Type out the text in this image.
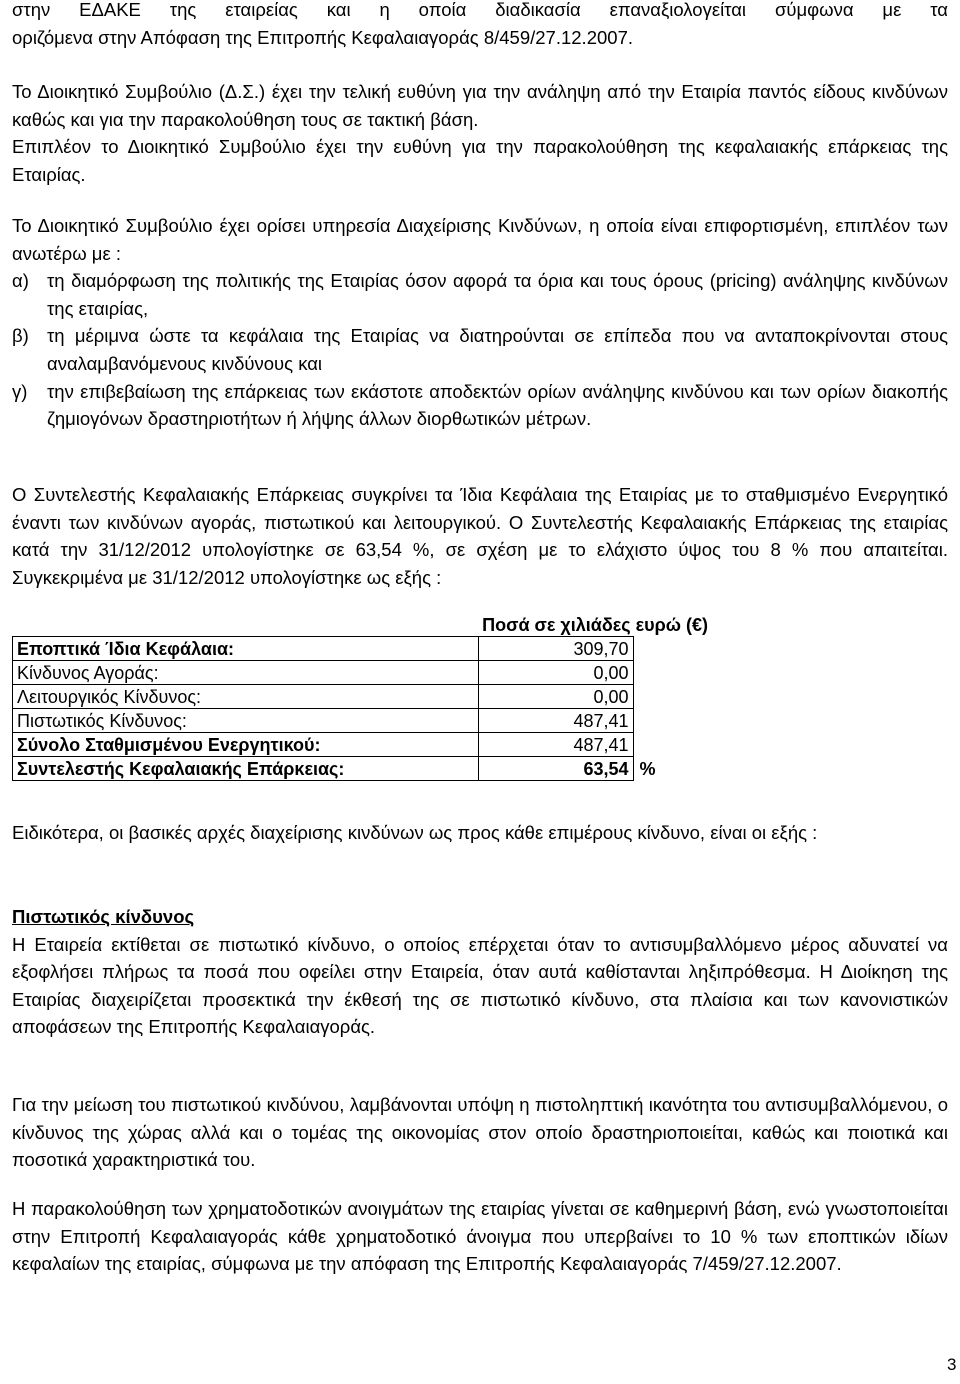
στην ΕΔΑΚΕ της εταιρείας και η οποία διαδικασία επαναξιολογείται σύμφωνα με τα

οριζόμενα στην Απόφαση της Επιτροπής Κεφαλαιαγοράς 8/459/27.12.2007.

Το Διοικητικό Συμβούλιο (Δ.Σ.) έχει την τελική ευθύνη για την ανάληψη από την Εταιρία παντός είδους κινδύνων καθώς και για την παρακολούθηση τους σε τακτική βάση.

Επιπλέον το Διοικητικό Συμβούλιο έχει την ευθύνη για την παρακολούθηση της κεφαλαιακής επάρκειας της Εταιρίας.

Το Διοικητικό Συμβούλιο έχει ορίσει υπηρεσία Διαχείρισης Κινδύνων, η οποία είναι επιφορτισμένη, επιπλέον των ανωτέρω με :

α) τη διαμόρφωση της πολιτικής της Εταιρίας όσον αφορά τα όρια και τους όρους (pricing) ανάληψης κινδύνων της εταιρίας,

β) τη μέριμνα ώστε τα κεφάλαια της Εταιρίας να διατηρούνται σε επίπεδα που να ανταποκρίνονται στους αναλαμβανόμενους κινδύνους και

γ)	την επιβεβαίωση της επάρκειας των εκάστοτε αποδεκτών ορίων ανάληψης κινδύνου και των ορίων διακοπής ζημιογόνων δραστηριοτήτων ή λήψης άλλων διορθωτικών μέτρων.

Ο Συντελεστής Κεφαλαιακής Επάρκειας συγκρίνει τα Ίδια Κεφάλαια της Εταιρίας με το σταθμισμένο Ενεργητικό έναντι των κινδύνων αγοράς, πιστωτικού και λειτουργικού. Ο Συντελεστής Κεφαλαιακής Επάρκειας της εταιρίας κατά την 31/12/2012 υπολογίστηκε σε 63,54 %, σε σχέση με το ελάχιστο ύψος του 8 % που απαιτείται. Συγκεκριμένα με 31/12/2012 υπολογίστηκε ως εξής :

	Ποσά σε χιλιάδες ευρώ (€)	
Εποπτικά Ίδια Κεφάλαια:	309,70	
Κίνδυνος Αγοράς:	0,00	
Λειτουργικός Κίνδυνος:	0,00	
Πιστωτικός Κίνδυνος:	487,41	
Σύνολο Σταθμισμένου Ενεργητικού:	487,41	
Συντελεστής Κεφαλαιακής Επάρκειας:	63,54	%

Ειδικότερα, οι βασικές αρχές διαχείρισης κινδύνων ως προς κάθε επιμέρους κίνδυνο, είναι οι εξής :

Πιστωτικός κίνδυνος

Η Εταιρεία εκτίθεται σε πιστωτικό κίνδυνο, ο οποίος επέρχεται όταν το αντισυμβαλλόμενο μέρος αδυνατεί να εξοφλήσει πλήρως τα ποσά που οφείλει στην Εταιρεία, όταν αυτά καθίστανται ληξιπρόθεσμα. Η Διοίκηση της Εταιρίας διαχειρίζεται προσεκτικά την έκθεσή της σε πιστωτικό κίνδυνο, στα πλαίσια και των κανονιστικών αποφάσεων της Επιτροπής Κεφαλαιαγοράς.

Για την μείωση του πιστωτικού κινδύνου, λαμβάνονται υπόψη η πιστοληπτική ικανότητα του αντισυμβαλλόμενου, ο κίνδυνος της χώρας αλλά και ο τομέας της οικονομίας στον οποίο δραστηριοποιείται, καθώς και ποιοτικά και ποσοτικά χαρακτηριστικά του.

Η παρακολούθηση των χρηματοδοτικών ανοιγμάτων της εταιρίας γίνεται σε καθημερινή βάση, ενώ γνωστοποιείται στην Επιτροπή Κεφαλαιαγοράς κάθε χρηματοδοτικό άνοιγμα που υπερβαίνει το 10 % των εποπτικών ιδίων κεφαλαίων της εταιρίας, σύμφωνα με την απόφαση της Επιτροπής Κεφαλαιαγοράς 7/459/27.12.2007.

3
